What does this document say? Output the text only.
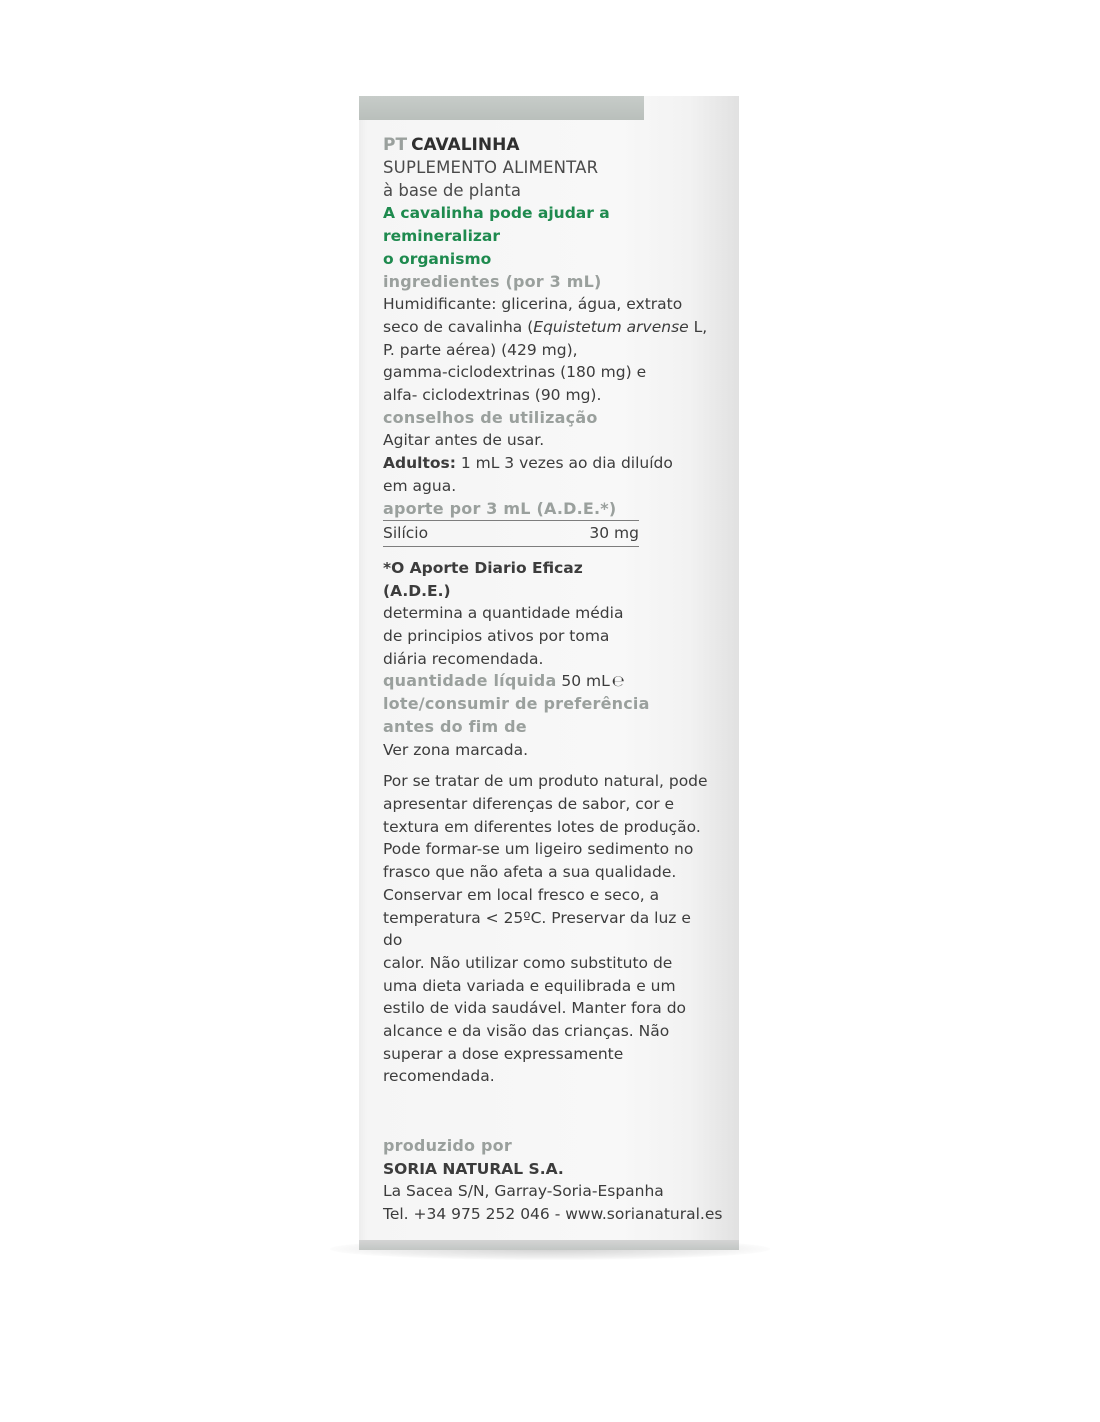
PT CAVALINHA

SUPLEMENTO ALIMENTAR

à base de planta

A cavalinha pode ajudar a remineralizar

o organismo

ingredientes (por 3 mL)

Humidificante: glicerina, água, extrato

seco de cavalinha (Equistetum arvense L,

P. parte aérea) (429 mg),

gamma-ciclodextrinas (180 mg) e

alfa- ciclodextrinas (90 mg).

conselhos de utilização

Agitar antes de usar.

Adultos: 1 mL 3 vezes ao dia diluído

em agua.

aporte por 3 mL (A.D.E.*)

Silício	30 mg

*O Aporte Diario Eficaz (A.D.E.)

determina a quantidade média

de principios ativos por toma

diária recomendada.

quantidade líquida 50 mL ℮

lote/consumir de preferência

antes do fim de

Ver zona marcada.

Por se tratar de um produto natural, pode

apresentar diferenças de sabor, cor e

textura em diferentes lotes de produção.

Pode formar-se um ligeiro sedimento no

frasco que não afeta a sua qualidade.

Conservar em local fresco e seco, a

temperatura < 25ºC. Preservar da luz e do

calor. Não utilizar como substituto de

uma dieta variada e equilibrada e um

estilo de vida saudável. Manter fora do

alcance e da visão das crianças. Não

superar a dose expressamente

recomendada.

produzido por

SORIA NATURAL S.A.

La Sacea S/N, Garray-Soria-Espanha

Tel. +34 975 252 046 - www.sorianatural.es
